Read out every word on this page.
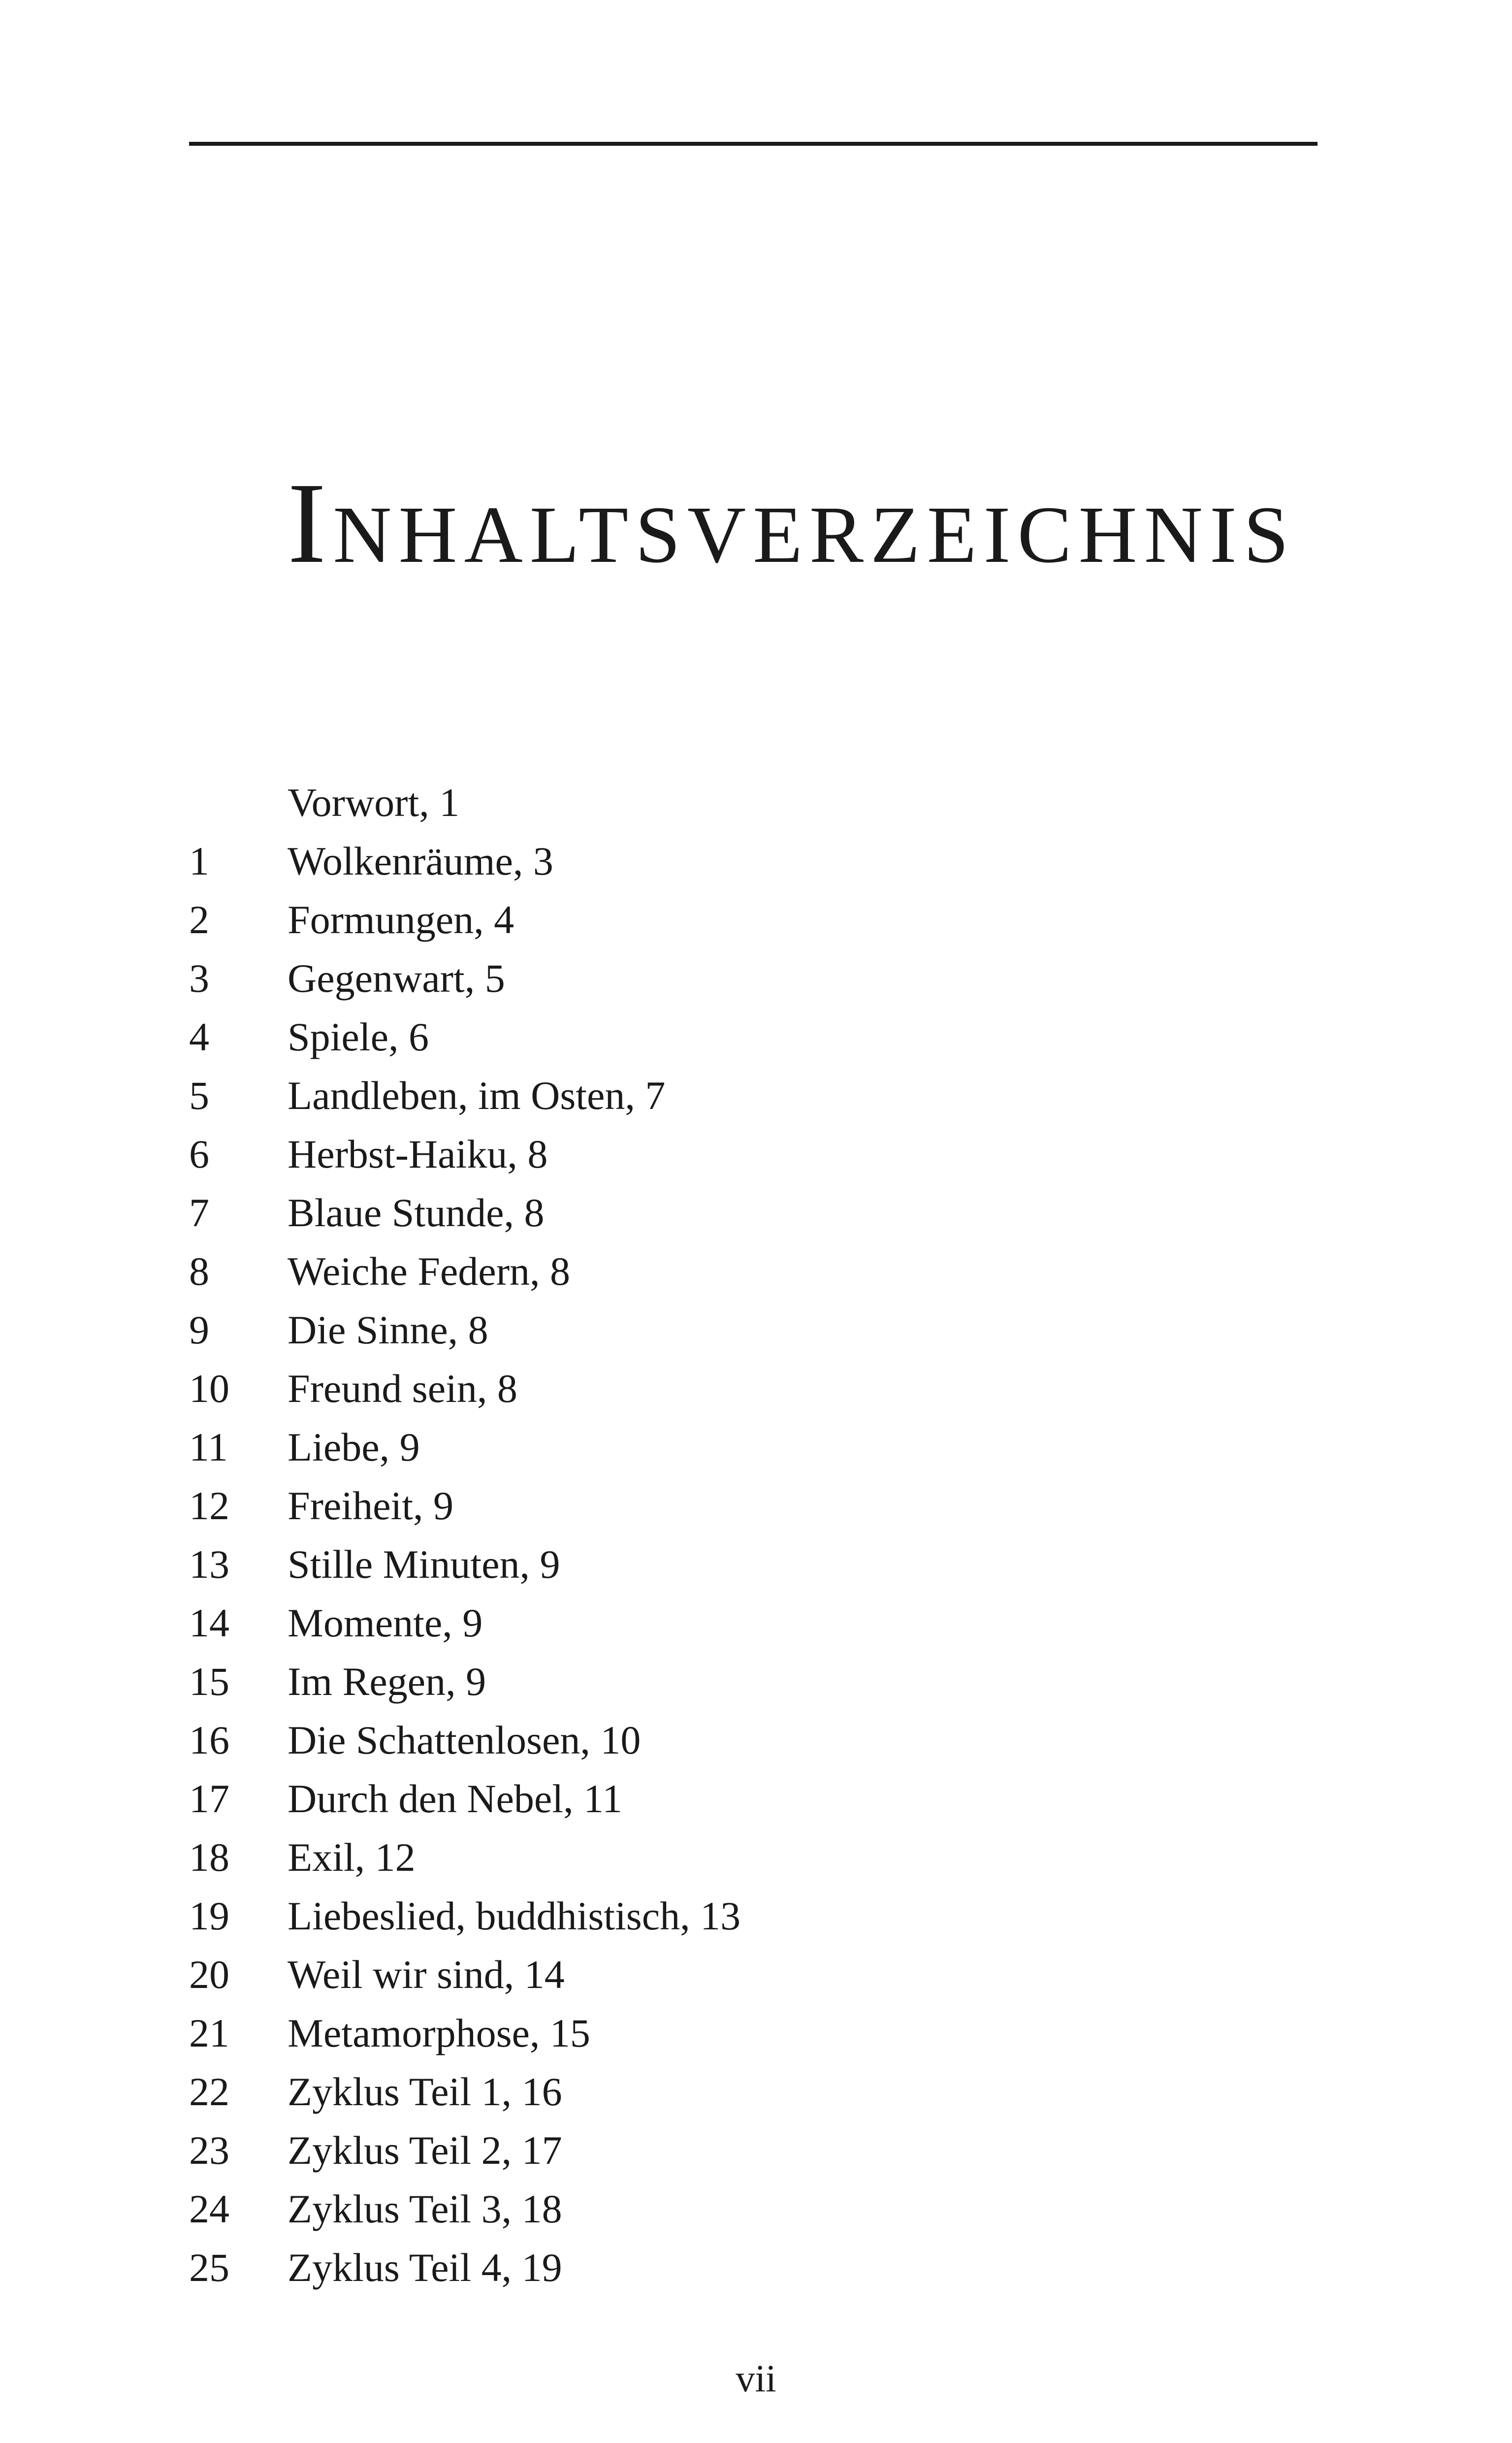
Inhaltsverzeichnis
Vorwort, 1
1 Wolkenräume, 3
2 Formungen, 4
3 Gegenwart, 5
4 Spiele, 6
5 Landleben, im Osten, 7
6 Herbst-Haiku, 8
7 Blaue Stunde, 8
8 Weiche Federn, 8
9 Die Sinne, 8
10 Freund sein, 8
11 Liebe, 9
12 Freiheit, 9
13 Stille Minuten, 9
14 Momente, 9
15 Im Regen, 9
16 Die Schattenlosen, 10
17 Durch den Nebel, 11
18 Exil, 12
19 Liebeslied, buddhistisch, 13
20 Weil wir sind, 14
21 Metamorphose, 15
22 Zyklus Teil 1, 16
23 Zyklus Teil 2, 17
24 Zyklus Teil 3, 18
25 Zyklus Teil 4, 19
vii
